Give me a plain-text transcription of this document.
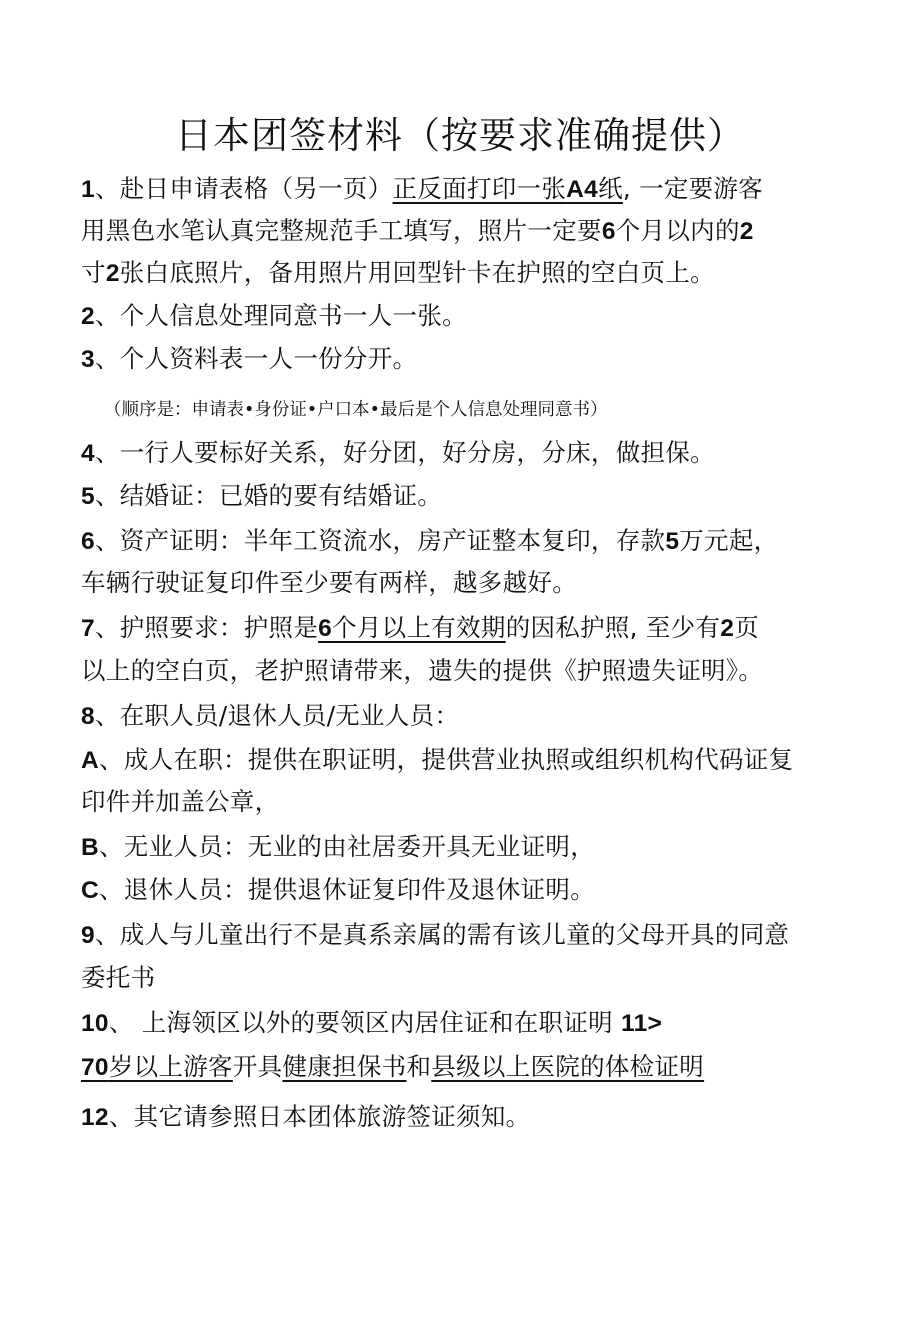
日本团签材料（按要求准确提供）
1、赴日申请表格（另一页）正反面打印一张A4纸, 一定要游客
用黑色水笔认真完整规范手工填写，照片一定要6个月以内的2
寸2张白底照片，备用照片用回型针卡在护照的空白页上。
2、个人信息处理同意书一人一张。
3、个人资料表一人一份分开。
（顺序是：申请表•身份证•户口本•最后是个人信息处理同意书）
4、一行人要标好关系，好分团，好分房，分床，做担保。
5、结婚证：已婚的要有结婚证。
6、资产证明：半年工资流水，房产证整本复印，存款5万元起，
车辆行驶证复印件至少要有两样，越多越好。
7、护照要求：护照是6个月以上有效期的因私护照, 至少有2页
以上的空白页，老护照请带来，遗失的提供《护照遗失证明》。
8、在职人员/退休人员/无业人员：
A、成人在职：提供在职证明，提供营业执照或组织机构代码证复
印件并加盖公章，
B、无业人员：无业的由社居委开具无业证明，
C、退休人员：提供退休证复印件及退休证明。
9、成人与儿童出行不是真系亲属的需有该儿童的父母开具的同意
委托书
10、 上海领区以外的要领区内居住证和在职证明 11>
70岁以上游客开具健康担保书和县级以上医院的体检证明
12、其它请参照日本团体旅游签证须知。
